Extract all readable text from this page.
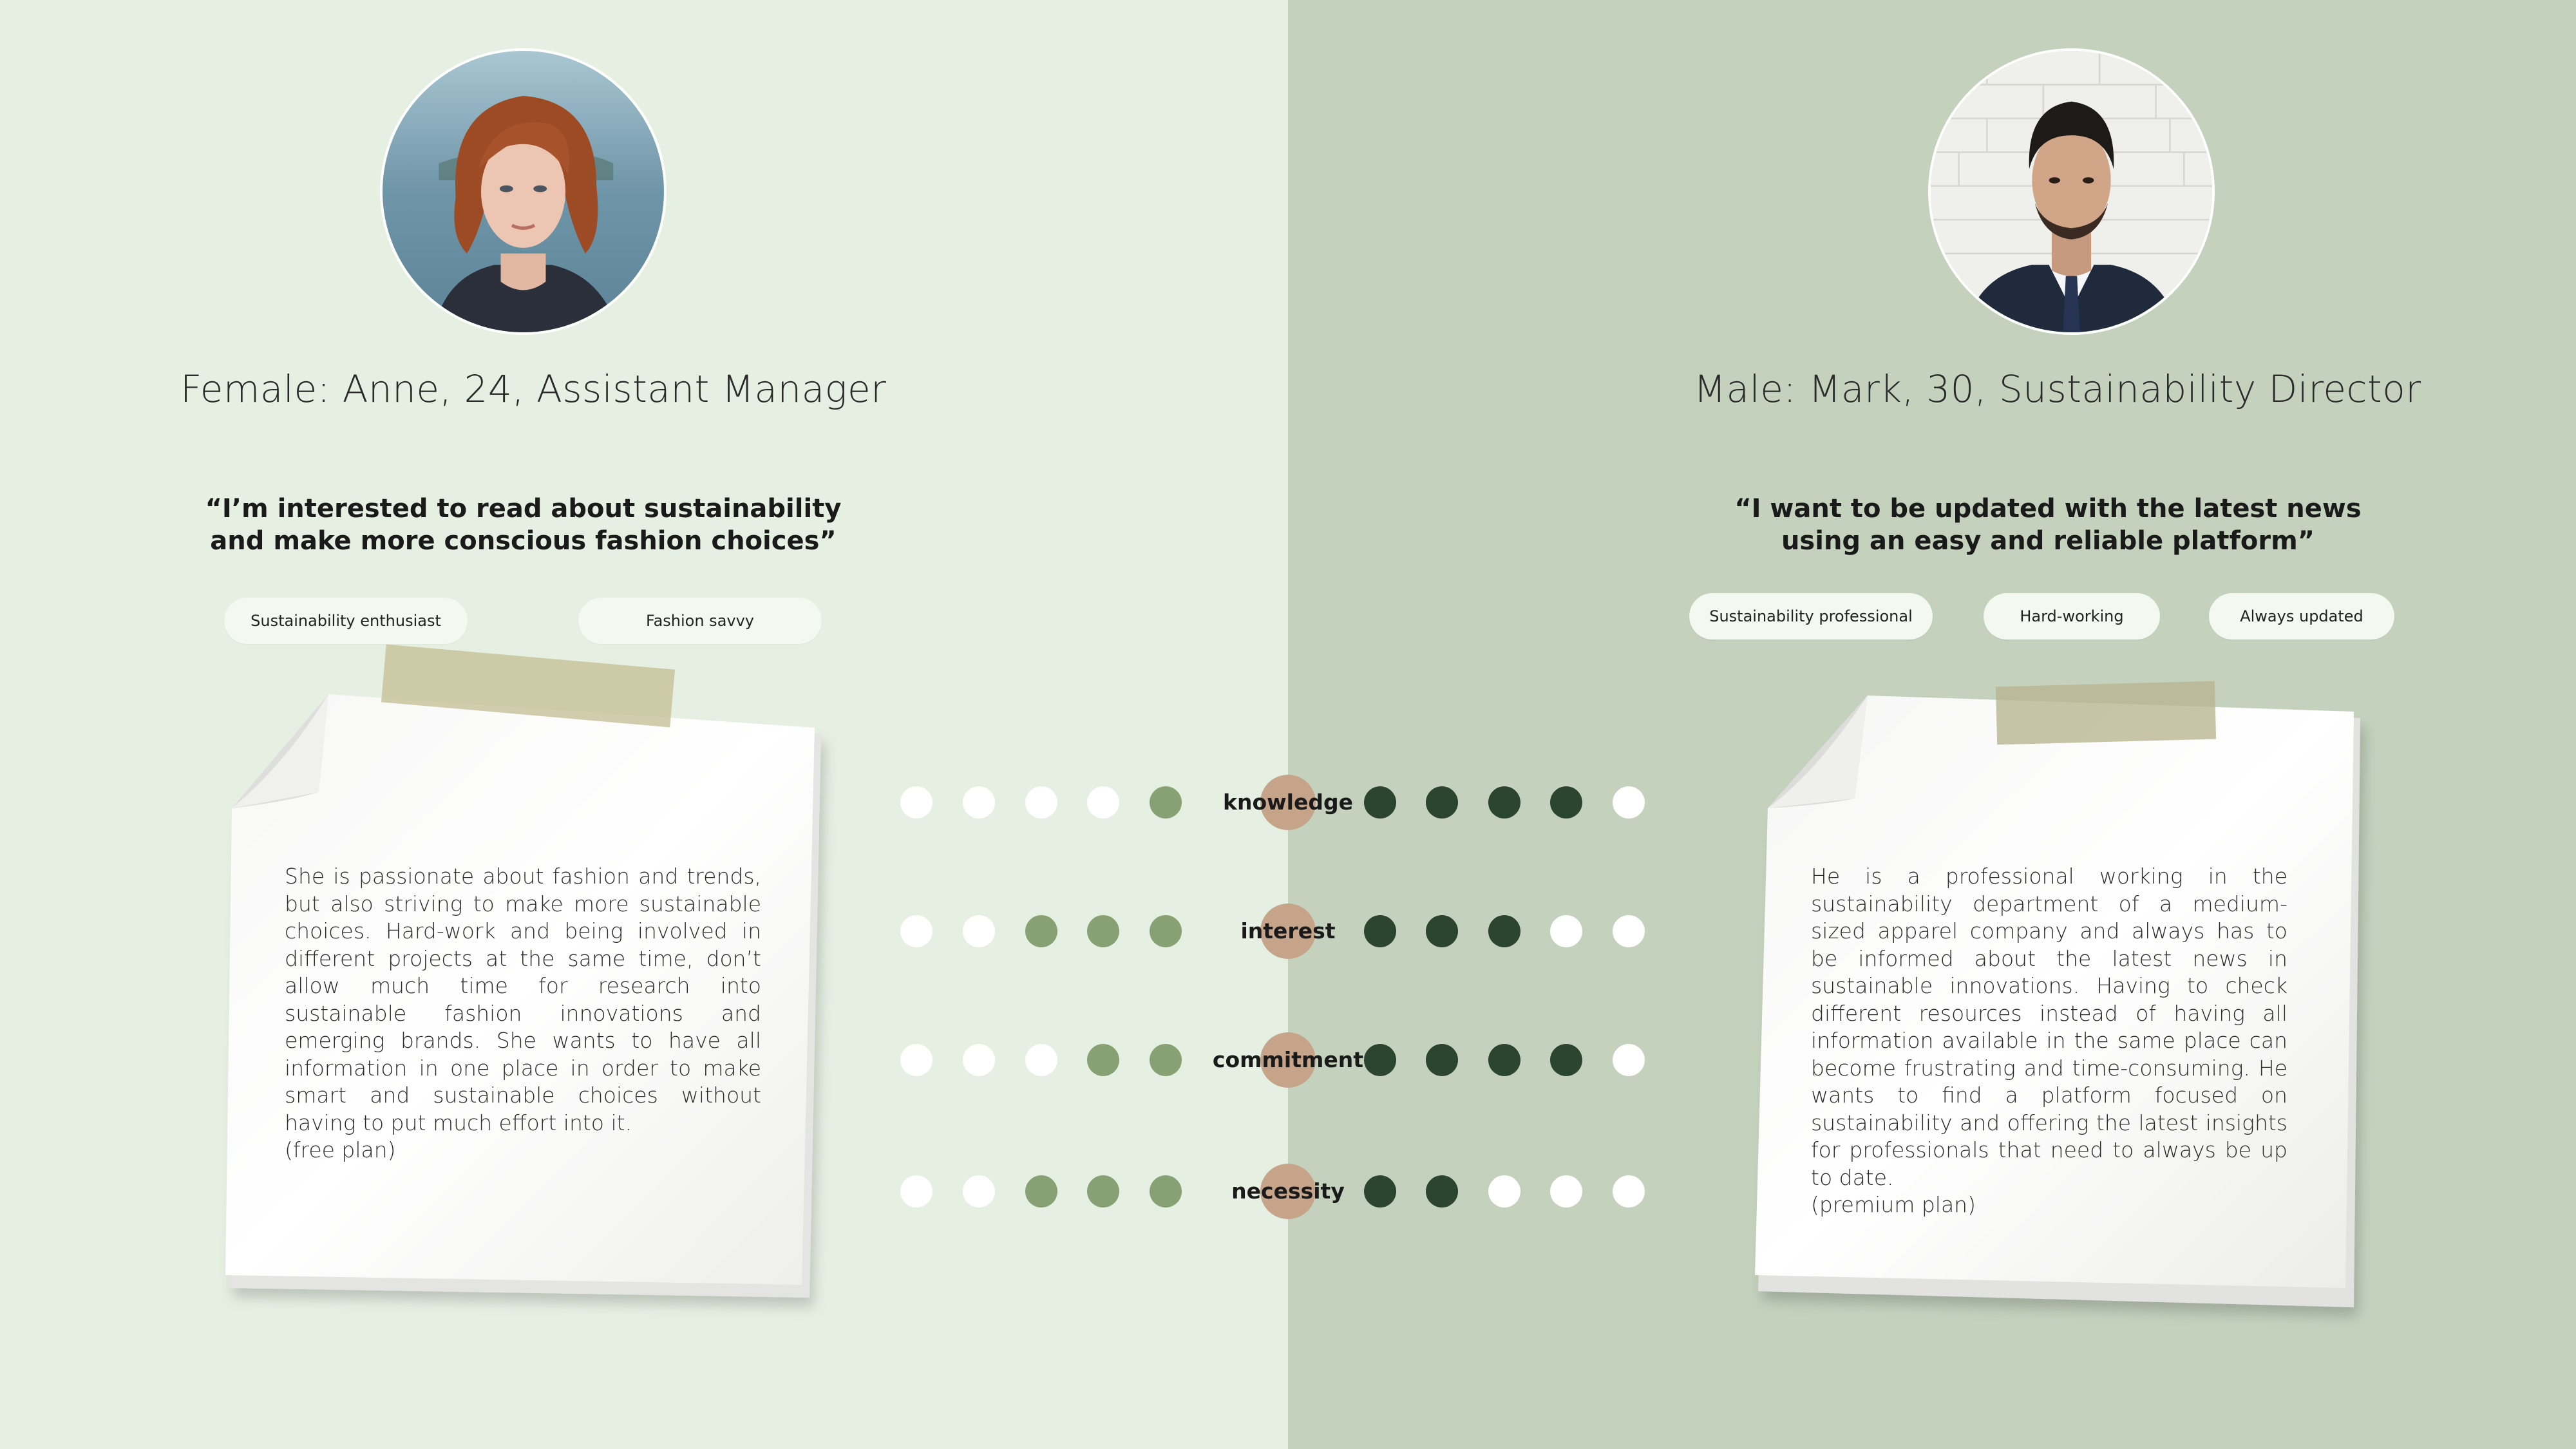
Female: Anne, 24, Assistant Manager	Male: Mark, 30, Sustainability Director
“I’m interested to read about sustainability and make more conscious fashion choices”
“I want to be updated with the latest news using an easy and reliable platform”
Sustainability enthusiast	Fashion savvy	Sustainability professional	Hard-working	Always updated
She is passionate about fashion and trends, but also striving to make more sustainable choices. Hard-work and being involved in different projects at the same time, don’t allow much time for research into sustainable fashion innovations and emerging brands. She wants to have all information in one place in order to make smart and sustainable choices without having to put much effort into it.
(free plan)
He is a professional working in the sustainability department of a medium-sized apparel company and always has to be informed about the latest news in sustainable innovations. Having to check different resources instead of having all information available in the same place can become frustrating and time-consuming. He wants to find a platform focused on sustainability and offering the latest insights for professionals that need to always be up to date.
(premium plan)
knowledge
interest
commitment
necessity
